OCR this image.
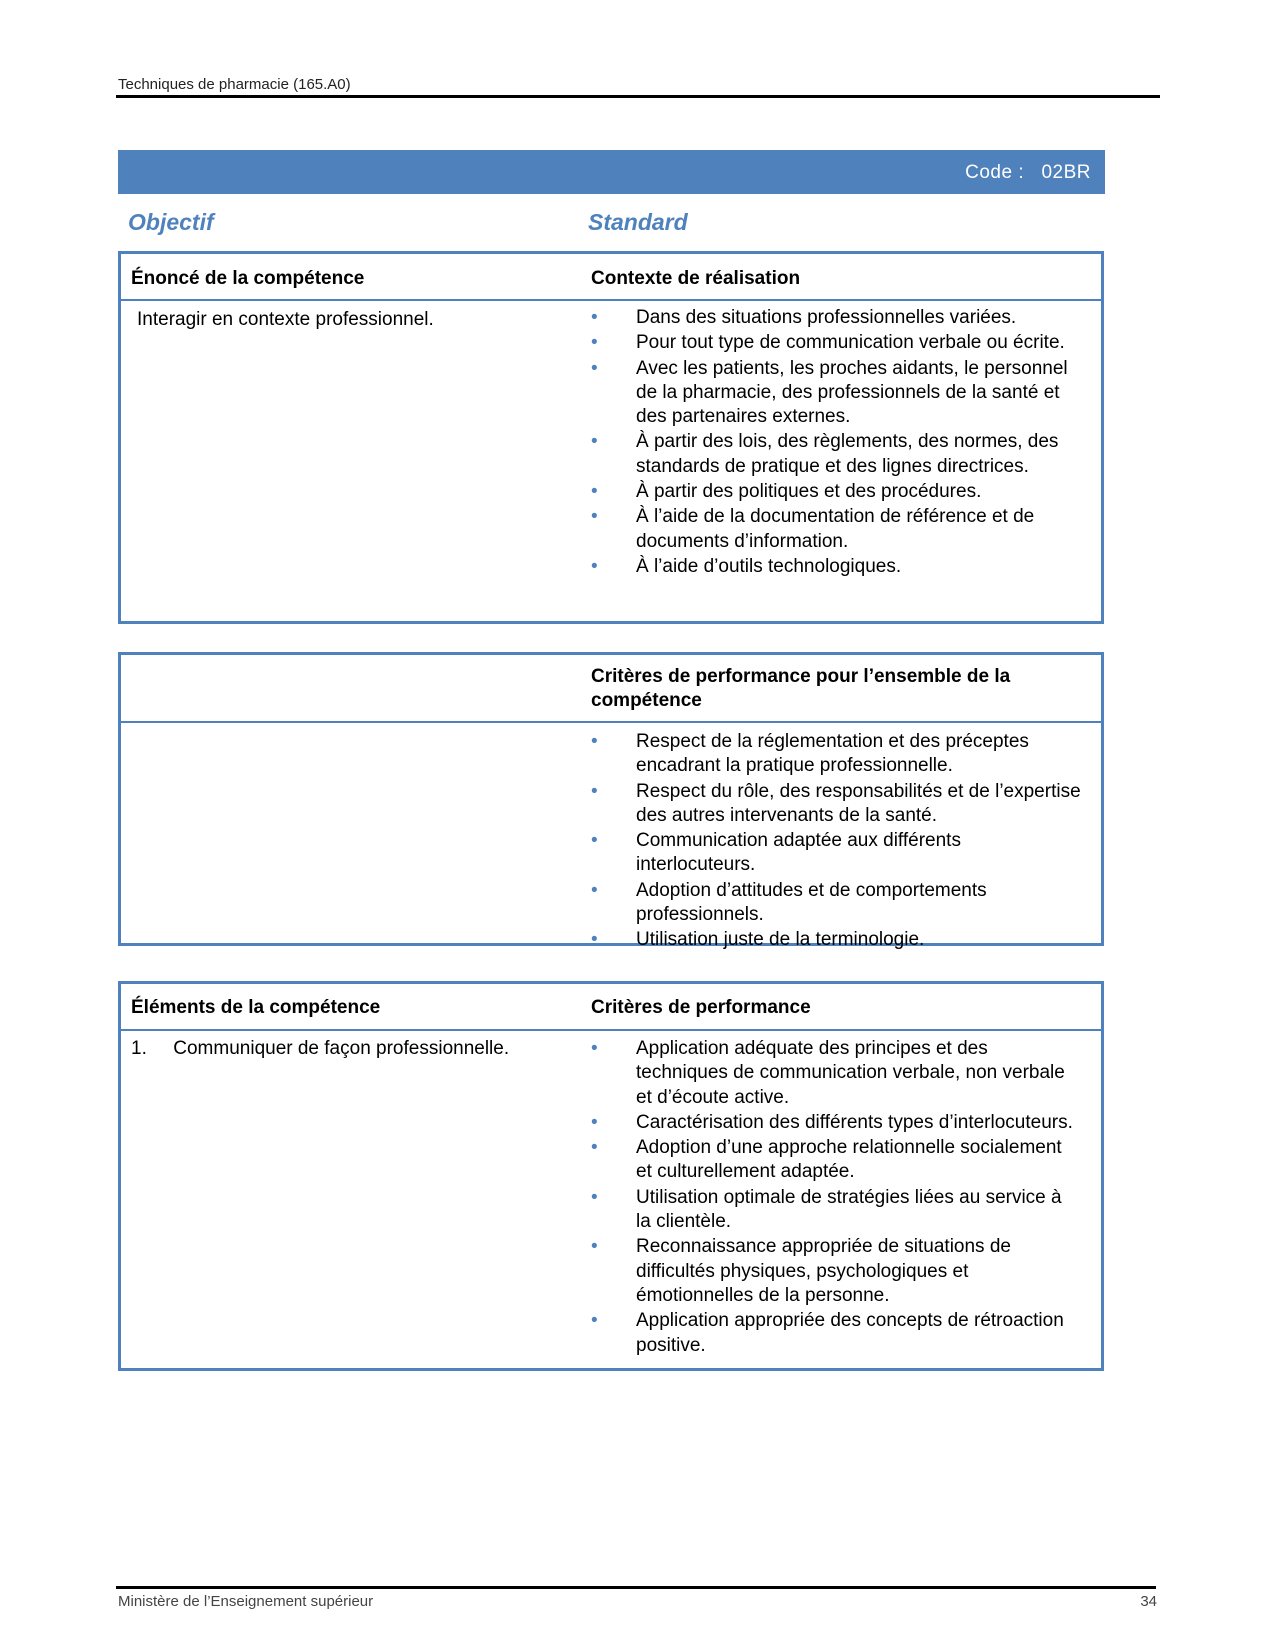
Techniques de pharmacie (165.A0)
Code : 02BR
Objectif	Standard
Énoncé de la compétence	Contexte de réalisation
Interagir en contexte professionnel.	• Dans des situations professionnelles variées.
• Pour tout type de communication verbale ou écrite.
• Avec les patients, les proches aidants, le personnel de la pharmacie, des professionnels de la santé et des partenaires externes.
• À partir des lois, des règlements, des normes, des standards de pratique et des lignes directrices.
• À partir des politiques et des procédures.
• À l’aide de la documentation de référence et de documents d’information.
• À l’aide d’outils technologiques.
Critères de performance pour l’ensemble de la compétence
• Respect de la réglementation et des préceptes encadrant la pratique professionnelle.
• Respect du rôle, des responsabilités et de l’expertise des autres intervenants de la santé.
• Communication adaptée aux différents interlocuteurs.
• Adoption d’attitudes et de comportements professionnels.
• Utilisation juste de la terminologie.
Éléments de la compétence	Critères de performance
1. Communiquer de façon professionnelle.	• Application adéquate des principes et des techniques de communication verbale, non verbale et d’écoute active.
• Caractérisation des différents types d’interlocuteurs.
• Adoption d’une approche relationnelle socialement et culturellement adaptée.
• Utilisation optimale de stratégies liées au service à la clientèle.
• Reconnaissance appropriée de situations de difficultés physiques, psychologiques et émotionnelles de la personne.
• Application appropriée des concepts de rétroaction positive.
Ministère de l’Enseignement supérieur	34
